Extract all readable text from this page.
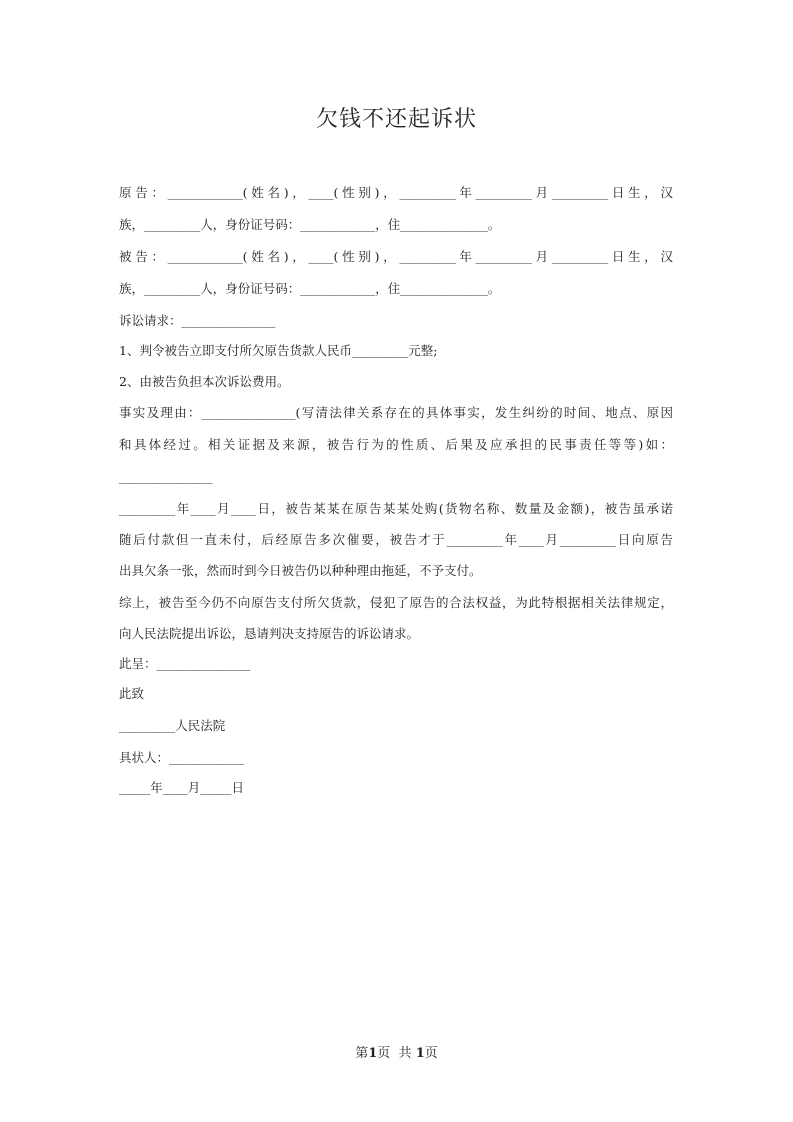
欠钱不还起诉状
原告：____________(姓名)，____(性别)，_________年_________月_________日生，汉
族，_________人，身份证号码：____________，住______________。
被告：____________(姓名)，____(性别)，_________年_________月_________日生，汉
族，_________人，身份证号码：____________，住______________。
诉讼请求：_______________
1、判令被告立即支付所欠原告货款人民币_________元整;
2、由被告负担本次诉讼费用。
事实及理由：_______________(写清法律关系存在的具体事实，发生纠纷的时间、地点、原因
和具体经过。相关证据及来源，被告行为的性质、后果及应承担的民事责任等等)如：
_______________
_________年____月____日，被告某某在原告某某处购(货物名称、数量及金额)，被告虽承诺
随后付款但一直未付，后经原告多次催要，被告才于_________年____月_________日向原告
出具欠条一张，然而时到今日被告仍以种种理由拖延，不予支付。
综上，被告至今仍不向原告支付所欠货款，侵犯了原告的合法权益，为此特根据相关法律规定，
向人民法院提出诉讼，恳请判决支持原告的诉讼请求。
此呈：_______________
此致
_________人民法院
具状人：____________
_____年____月_____日
第1页  共 1页
